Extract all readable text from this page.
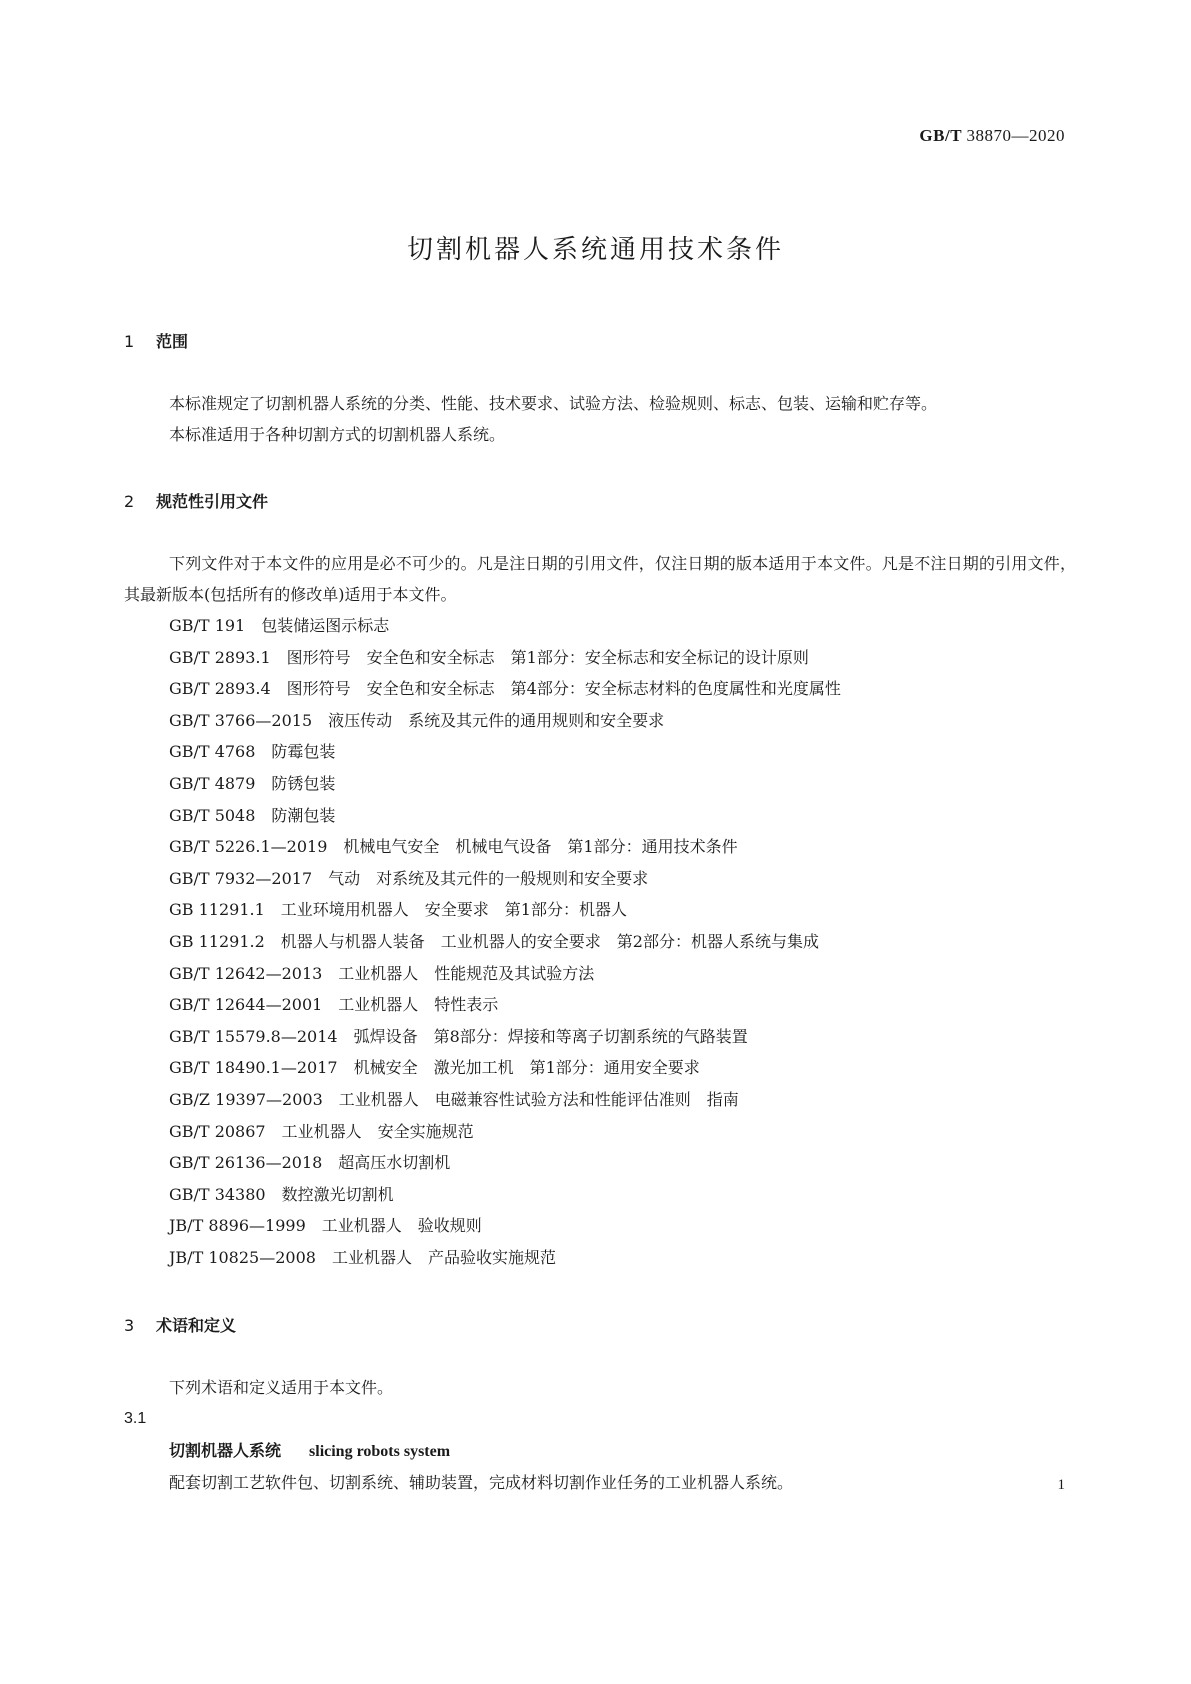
GB/T 38870—2020
切割机器人系统通用技术条件
1 范围
本标准规定了切割机器人系统的分类、性能、技术要求、试验方法、检验规则、标志、包装、运输和贮存等。
本标准适用于各种切割方式的切割机器人系统。
2 规范性引用文件
下列文件对于本文件的应用是必不可少的。凡是注日期的引用文件，仅注日期的版本适用于本文件。凡是不注日期的引用文件，其最新版本(包括所有的修改单)适用于本文件。
GB/T 191　包装储运图示标志
GB/T 2893.1　图形符号　安全色和安全标志　第1部分：安全标志和安全标记的设计原则
GB/T 2893.4　图形符号　安全色和安全标志　第4部分：安全标志材料的色度属性和光度属性
GB/T 3766—2015　液压传动　系统及其元件的通用规则和安全要求
GB/T 4768　防霉包装
GB/T 4879　防锈包装
GB/T 5048　防潮包装
GB/T 5226.1—2019　机械电气安全　机械电气设备　第1部分：通用技术条件
GB/T 7932—2017　气动　对系统及其元件的一般规则和安全要求
GB 11291.1　工业环境用机器人　安全要求　第1部分：机器人
GB 11291.2　机器人与机器人装备　工业机器人的安全要求　第2部分：机器人系统与集成
GB/T 12642—2013　工业机器人　性能规范及其试验方法
GB/T 12644—2001　工业机器人　特性表示
GB/T 15579.8—2014　弧焊设备　第8部分：焊接和等离子切割系统的气路装置
GB/T 18490.1—2017　机械安全　激光加工机　第1部分：通用安全要求
GB/Z 19397—2003　工业机器人　电磁兼容性试验方法和性能评估准则　指南
GB/T 20867　工业机器人　安全实施规范
GB/T 26136—2018　超高压水切割机
GB/T 34380　数控激光切割机
JB/T 8896—1999　工业机器人　验收规则
JB/T 10825—2008　工业机器人　产品验收实施规范
3 术语和定义
下列术语和定义适用于本文件。
3.1
切割机器人系统 slicing robots system
配套切割工艺软件包、切割系统、辅助装置，完成材料切割作业任务的工业机器人系统。	1
